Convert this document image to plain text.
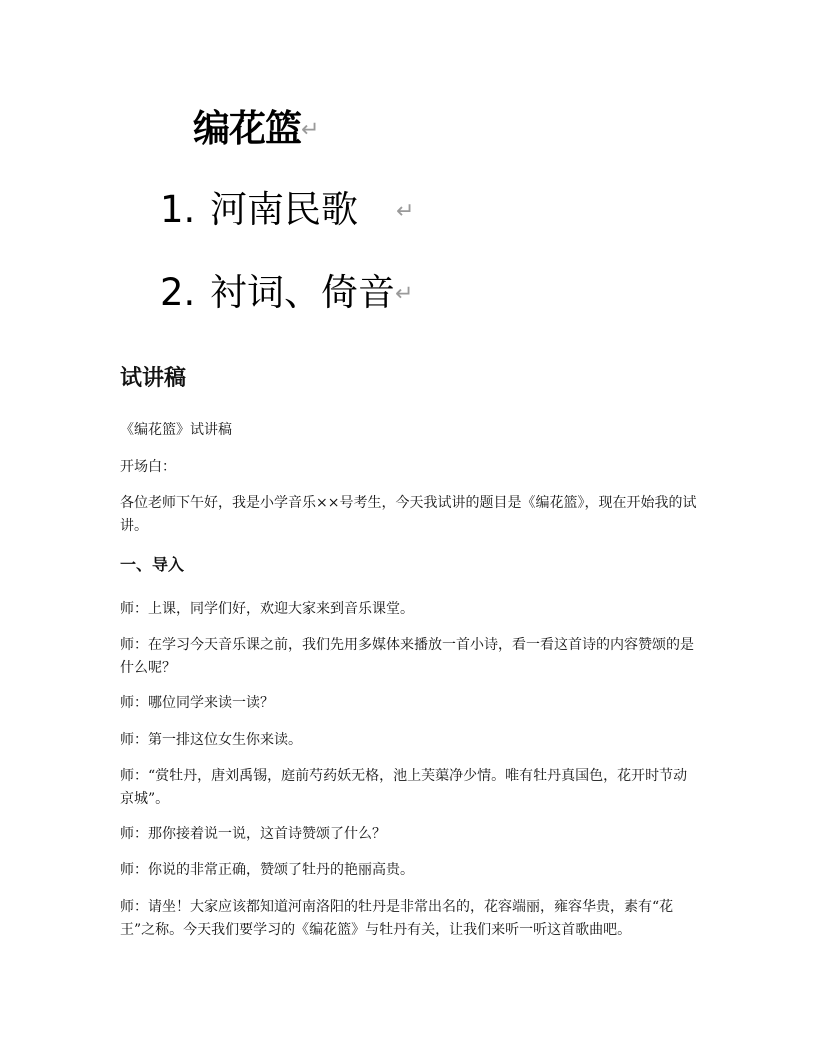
编花篮↵
1. 河南民歌 ↵
2. 衬词、倚音↵
试讲稿

《编花篮》试讲稿

开场白：

各位老师下午好，我是小学音乐××号考生，今天我试讲的题目是《编花篮》，现在开始我的试讲。

一、导入

师：上课，同学们好，欢迎大家来到音乐课堂。

师：在学习今天音乐课之前，我们先用多媒体来播放一首小诗，看一看这首诗的内容赞颂的是什么呢？

师：哪位同学来读一读？

师：第一排这位女生你来读。

师：“赏牡丹，唐刘禹锡，庭前芍药妖无格，池上芙蕖净少情。唯有牡丹真国色，花开时节动京城”。

师：那你接着说一说，这首诗赞颂了什么？

师：你说的非常正确，赞颂了牡丹的艳丽高贵。

师：请坐！大家应该都知道河南洛阳的牡丹是非常出名的，花容端丽，雍容华贵，素有“花王”之称。今天我们要学习的《编花篮》与牡丹有关，让我们来听一听这首歌曲吧。
